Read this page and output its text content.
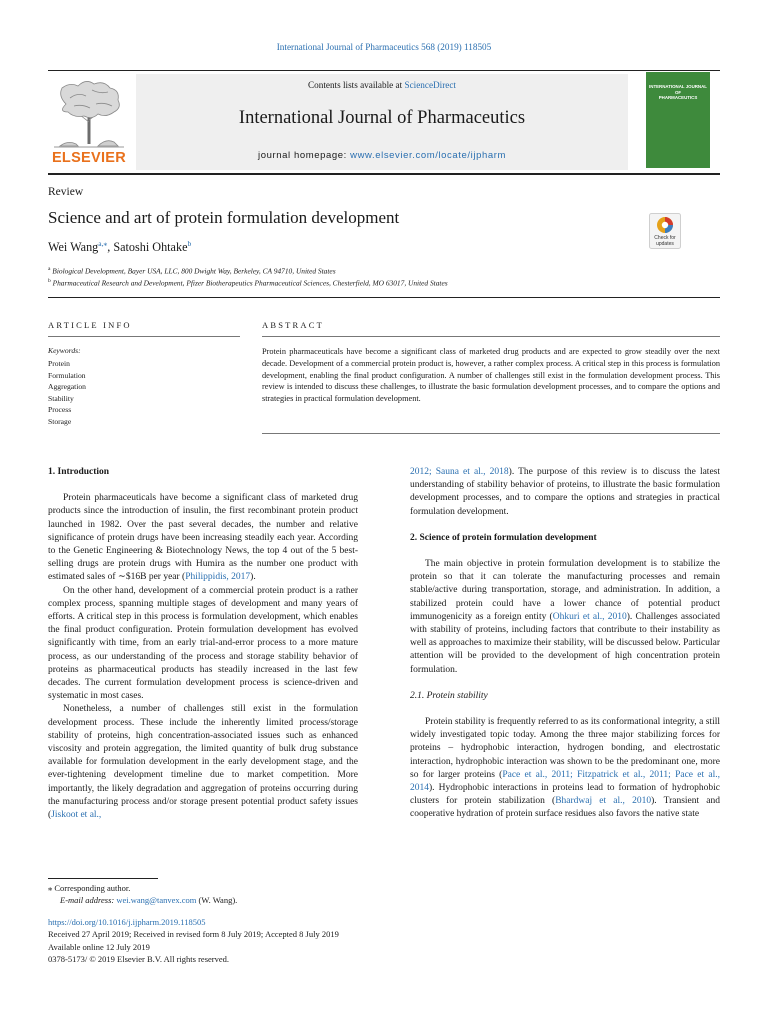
International Journal of Pharmaceutics 568 (2019) 118505
ELSEVIER
Contents lists available at ScienceDirect
International Journal of Pharmaceutics
journal homepage: www.elsevier.com/locate/ijpharm
INTERNATIONAL JOURNAL OF
PHARMACEUTICS
Review
Science and art of protein formulation development
Wei Wang$^{a,⁎}$, Satoshi Ohtake$^b$
Check for
updates
$^a$ Biological Development, Bayer USA, LLC, 800 Dwight Way, Berkeley, CA 94710, United States
$^b$ Pharmaceutical Research and Development, Pfizer Biotherapeutics Pharmaceutical Sciences, Chesterfield, MO 63017, United States
ARTICLE INFO	ABSTRACT
Keywords:
Protein
Formulation
Aggregation
Stability
Process
Storage
Protein pharmaceuticals have become a significant class of marketed drug products and are expected to grow steadily over the next decade. Development of a commercial protein product is, however, a rather complex process. A critical step in this process is formulation development, enabling the final product configuration. A number of challenges still exist in the formulation development process. This review is intended to discuss these challenges, to illustrate the basic formulation development processes, and to compare the options and strategies in practical formulation development.

1. Introduction

Protein pharmaceuticals have become a significant class of marketed drug products since the introduction of insulin, the first recombinant protein product launched in 1982. Over the past several decades, the number and relative significance of protein drugs have been increasing steadily each year. According to the Genetic Engineering & Biotechnology News, the top 4 out of the 5 best-selling drugs are protein drugs with Humira as the number one product with estimated sales of ∼$16B per year (Philippidis, 2017).

On the other hand, development of a commercial protein product is a rather complex process, spanning multiple stages of development and many years of efforts. A critical step in this process is formulation development, which enables the final product configuration. Protein formulation development has evolved significantly with time, from an early trial-and-error process to a more mature process, as our understanding of the process and storage stability behavior of proteins as pharmaceutical products has steadily increased in the last few decades. The current formulation development process is science-driven and systematic in most cases.

Nonetheless, a number of challenges still exist in the formulation development process. These include the inherently limited process/storage stability of proteins, high concentration-associated issues such as enhanced viscosity and protein aggregation, the limited quantity of bulk drug substance available for formulation development in the early development stage, and the ever-tightening development timeline due to market competition. More importantly, the likely degradation and aggregation of proteins occurring during the manufacturing process and/or storage present potential product safety issues (Jiskoot et al.,

2012; Sauna et al., 2018). The purpose of this review is to discuss the latest understanding of stability behavior of proteins, to illustrate the basic formulation development processes, and to compare the options and strategies in practical formulation development.

2. Science of protein formulation development

The main objective in protein formulation development is to stabilize the protein so that it can tolerate the manufacturing processes and remain stable/active during transportation, storage, and administration. In addition, a stabilized protein could have a lower chance of potential product immunogenicity as a foreign entity (Ohkuri et al., 2010). Challenges associated with stability of proteins, including factors that contribute to their instability as well as approaches to maximize their stability, will be discussed below. Particular attention will be provided to the development of high concentration protein formulation.

2.1. Protein stability

Protein stability is frequently referred to as its conformational integrity, a still widely investigated topic today. Among the three major stabilizing forces for proteins – hydrophobic interaction, hydrogen bonding, and electrostatic interaction, hydrophobic interaction was shown to be the predominant one, more so for larger proteins (Pace et al., 2011; Fitzpatrick et al., 2011; Pace et al., 2014). Hydrophobic interactions in proteins lead to formation of hydrophobic clusters for protein stabilization (Bhardwaj et al., 2010). Transient and cooperative hydration of protein surface residues also favors the native state

⁎ Corresponding author.
E-mail address: wei.wang@tanvex.com (W. Wang).
https://doi.org/10.1016/j.ijpharm.2019.118505
Received 27 April 2019; Received in revised form 8 July 2019; Accepted 8 July 2019
Available online 12 July 2019
0378-5173/ © 2019 Elsevier B.V. All rights reserved.
